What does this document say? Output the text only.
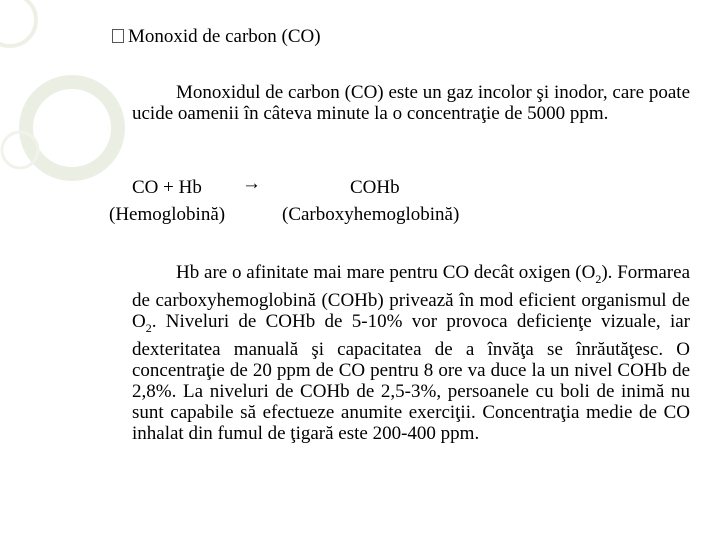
Monoxid de carbon (CO)
Monoxidul de carbon (CO) este un gaz incolor şi inodor, care poate ucide oamenii în câteva minute la o concentraţie de 5000 ppm.
CO + Hb →	COHb
(Hemoglobină)	(Carboxyhemoglobină)
Hb are o afinitate mai mare pentru CO decât oxigen $(O_2)$. Formarea de carboxyhemoglobină (COHb) privează în mod eficient organismul de $O_2$. Niveluri de COHb de 5-10% vor provoca deficienţe vizuale, iar dexteritatea manuală şi capacitatea de a învăţa se înrăutăţesc. O concentraţie de 20 ppm de CO pentru 8 ore va duce la un nivel COHb de 2,8%. La niveluri de COHb de 2,5-3%, persoanele cu boli de inimă nu sunt capabile să efectueze anumite exerciţii. Concentraţia medie de CO inhalat din fumul de ţigară este 200-400 ppm.
